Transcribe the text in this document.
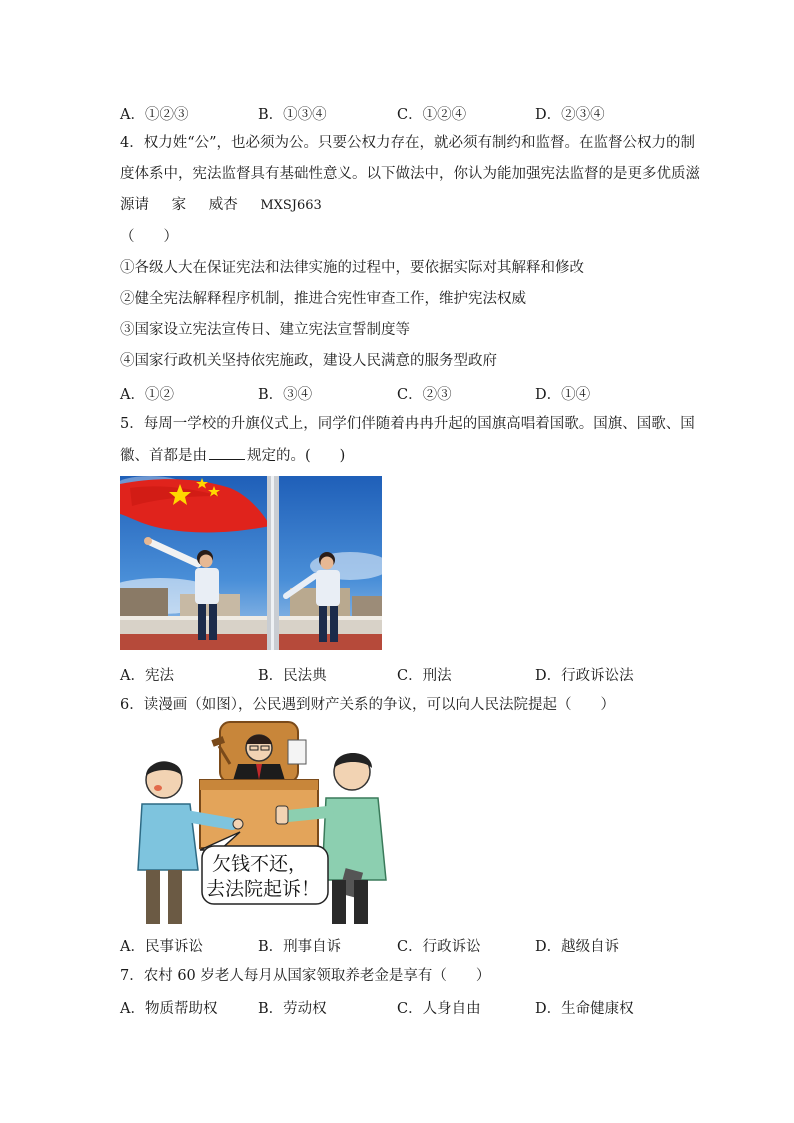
A．①②③	B．①③④	C．①②④	D．②③④
4．权力姓“公”，也必须为公。只要公权力存在，就必须有制约和监督。在监督公权力的制
度体系中，宪法监督具有基础性意义。以下做法中，你认为能加强宪法监督的是更多优质滋
源请 家 威杏 MXSJ663
（　　）
①各级人大在保证宪法和法律实施的过程中，要依据实际对其解释和修改
②健全宪法解释程序机制，推进合宪性审查工作，维护宪法权威
③国家设立宪法宣传日、建立宪法宣誓制度等
④国家行政机关坚持依宪施政，建设人民满意的服务型政府
A．①②	B．③④	C．②③	D．①④
5．每周一学校的升旗仪式上，同学们伴随着冉冉升起的国旗高唱着国歌。国旗、国歌、国
徽、首都是由	规定的。(　　)
A．宪法	B．民法典	C．刑法	D．行政诉讼法
6．读漫画（如图），公民遇到财产关系的争议，可以向人民法院提起（　　）
欠钱不还，
去法院起诉！
A．民事诉讼	B．刑事自诉	C．行政诉讼	D．越级自诉
7．农村 60 岁老人每月从国家领取养老金是享有（　　）
A．物质帮助权	B．劳动权	C．人身自由	D．生命健康权
